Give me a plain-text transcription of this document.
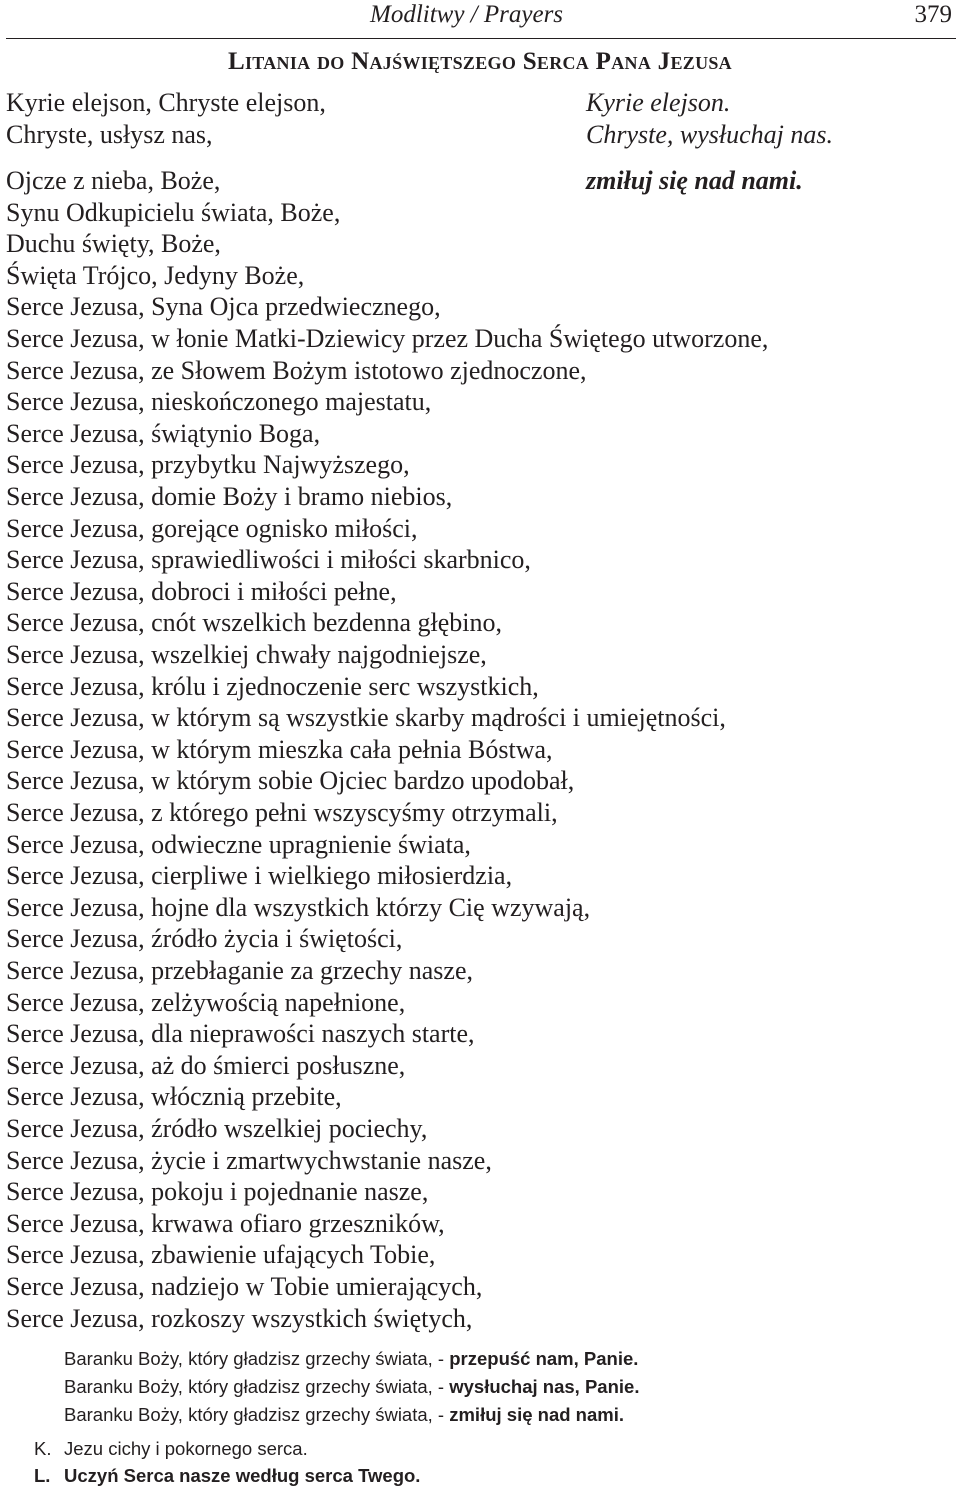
Modlitwy / Prayers	379
Litania do Najświętszego Serca Pana Jezusa
Kyrie elejson, Chryste elejson,	Kyrie elejson.
Chryste, usłysz nas,	Chryste, wysłuchaj nas.
Ojcze z nieba, Boże,	zmiłuj się nad nami.
Synu Odkupicielu świata, Boże,
Duchu święty, Boże,
Święta Trójco, Jedyny Boże,
Serce Jezusa, Syna Ojca przedwiecznego,
Serce Jezusa, w łonie Matki-Dziewicy przez Ducha Świętego utworzone,
Serce Jezusa, ze Słowem Bożym istotowo zjednoczone,
Serce Jezusa, nieskończonego majestatu,
Serce Jezusa, świątynio Boga,
Serce Jezusa, przybytku Najwyższego,
Serce Jezusa, domie Boży i bramo niebios,
Serce Jezusa, gorejące ognisko miłości,
Serce Jezusa, sprawiedliwości i miłości skarbnico,
Serce Jezusa, dobroci i miłości pełne,
Serce Jezusa, cnót wszelkich bezdenna głębino,
Serce Jezusa, wszelkiej chwały najgodniejsze,
Serce Jezusa, królu i zjednoczenie serc wszystkich,
Serce Jezusa, w którym są wszystkie skarby mądrości i umiejętności,
Serce Jezusa, w którym mieszka cała pełnia Bóstwa,
Serce Jezusa, w którym sobie Ojciec bardzo upodobał,
Serce Jezusa, z którego pełni wszyscyśmy otrzymali,
Serce Jezusa, odwieczne upragnienie świata,
Serce Jezusa, cierpliwe i wielkiego miłosierdzia,
Serce Jezusa, hojne dla wszystkich którzy Cię wzywają,
Serce Jezusa, źródło życia i świętości,
Serce Jezusa, przebłaganie za grzechy nasze,
Serce Jezusa, zelżywością napełnione,
Serce Jezusa, dla nieprawości naszych starte,
Serce Jezusa, aż do śmierci posłuszne,
Serce Jezusa, włócznią przebite,
Serce Jezusa, źródło wszelkiej pociechy,
Serce Jezusa, życie i zmartwychwstanie nasze,
Serce Jezusa, pokoju i pojednanie nasze,
Serce Jezusa, krwawa ofiaro grzeszników,
Serce Jezusa, zbawienie ufających Tobie,
Serce Jezusa, nadziejo w Tobie umierających,
Serce Jezusa, rozkoszy wszystkich świętych,
Baranku Boży, który gładzisz grzechy świata, - przepuść nam, Panie.
Baranku Boży, który gładzisz grzechy świata, - wysłuchaj nas, Panie.
Baranku Boży, który gładzisz grzechy świata, - zmiłuj się nad nami.
K. Jezu cichy i pokornego serca.
L. Uczyń Serca nasze według serca Twego.
